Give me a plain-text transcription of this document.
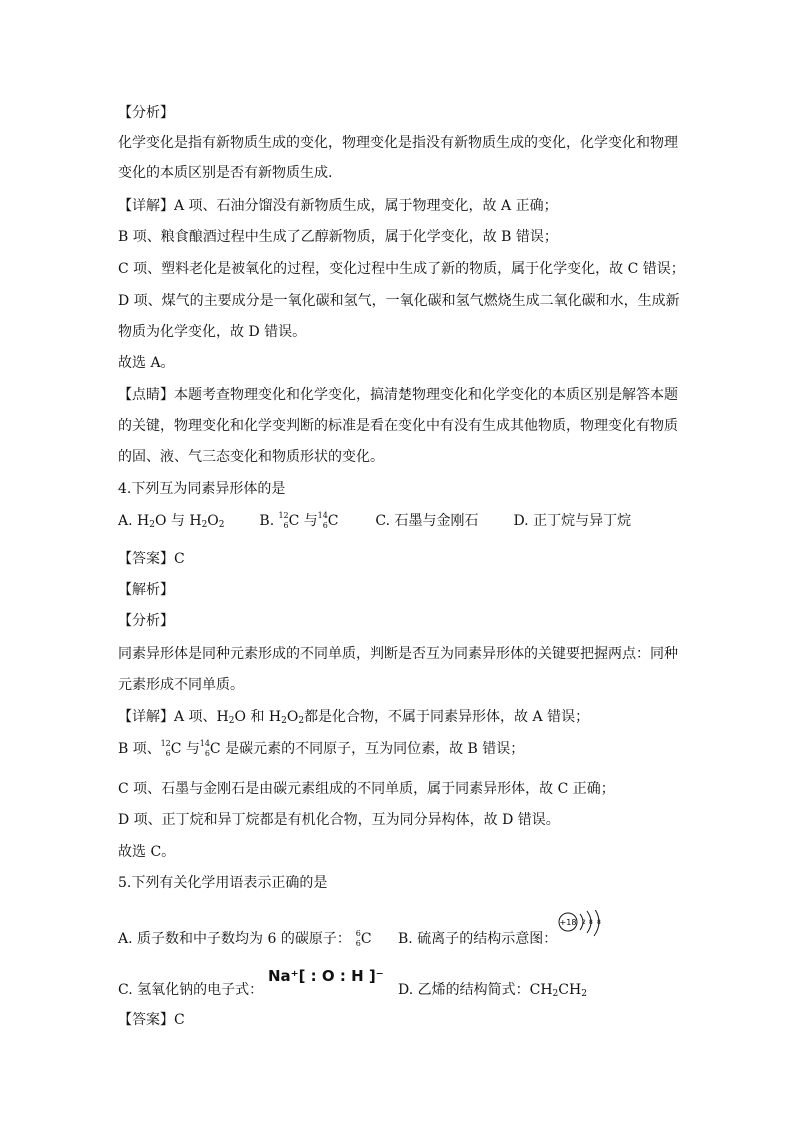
【分析】
化学变化是指有新物质生成的变化，物理变化是指没有新物质生成的变化，化学变化和物理
变化的本质区别是否有新物质生成.
【详解】A 项、石油分馏没有新物质生成，属于物理变化，故 A 正确；
B 项、粮食酿酒过程中生成了乙醇新物质，属于化学变化，故 B 错误；
C 项、塑料老化是被氧化的过程，变化过程中生成了新的物质，属于化学变化，故 C 错误；
D 项、煤气的主要成分是一氧化碳和氢气，一氧化碳和氢气燃烧生成二氧化碳和水，生成新
物质为化学变化，故 D 错误。
故选 A。
【点睛】本题考查物理变化和化学变化，搞清楚物理变化和化学变化的本质区别是解答本题
的关键，物理变化和化学变判断的标准是看在变化中有没有生成其他物质，物理变化有物质
的固、液、气三态变化和物质形状的变化。
4.下列互为同素异形体的是
A. $H_2O$ 与 $H_2O_2$ B. 12
6 C 与 14
6 C	C. 石墨与金刚石 D. 正丁烷与异丁烷
【答案】C
【解析】
【分析】
同素异形体是同种元素形成的不同单质，判断是否互为同素异形体的关键要把握两点：同种
元素形成不同单质。
【详解】A 项、$H_2O$ 和 $H_2O_2$都是化合物，不属于同素异形体，故 A 错误；
B 项、 12
6 C 与 14
6 C 是碳元素的不同原子，互为同位素，故 B 错误；
C 项、石墨与金刚石是由碳元素组成的不同单质，属于同素异形体，故 C 正确；
D 项、正丁烷和异丁烷都是有机化合物，互为同分异构体，故 D 错误。
故选 C。
5.下列有关化学用语表示正确的是
A. 质子数和中子数均为 6 的碳原子： 6
6 C B. 硫离子的结构示意图：
+18 2 8 8
C. 氢氧化钠的电子式：
Na⁺[ : O : H ]⁻
D. 乙烯的结构简式：$CH_2CH_2$
【答案】C
